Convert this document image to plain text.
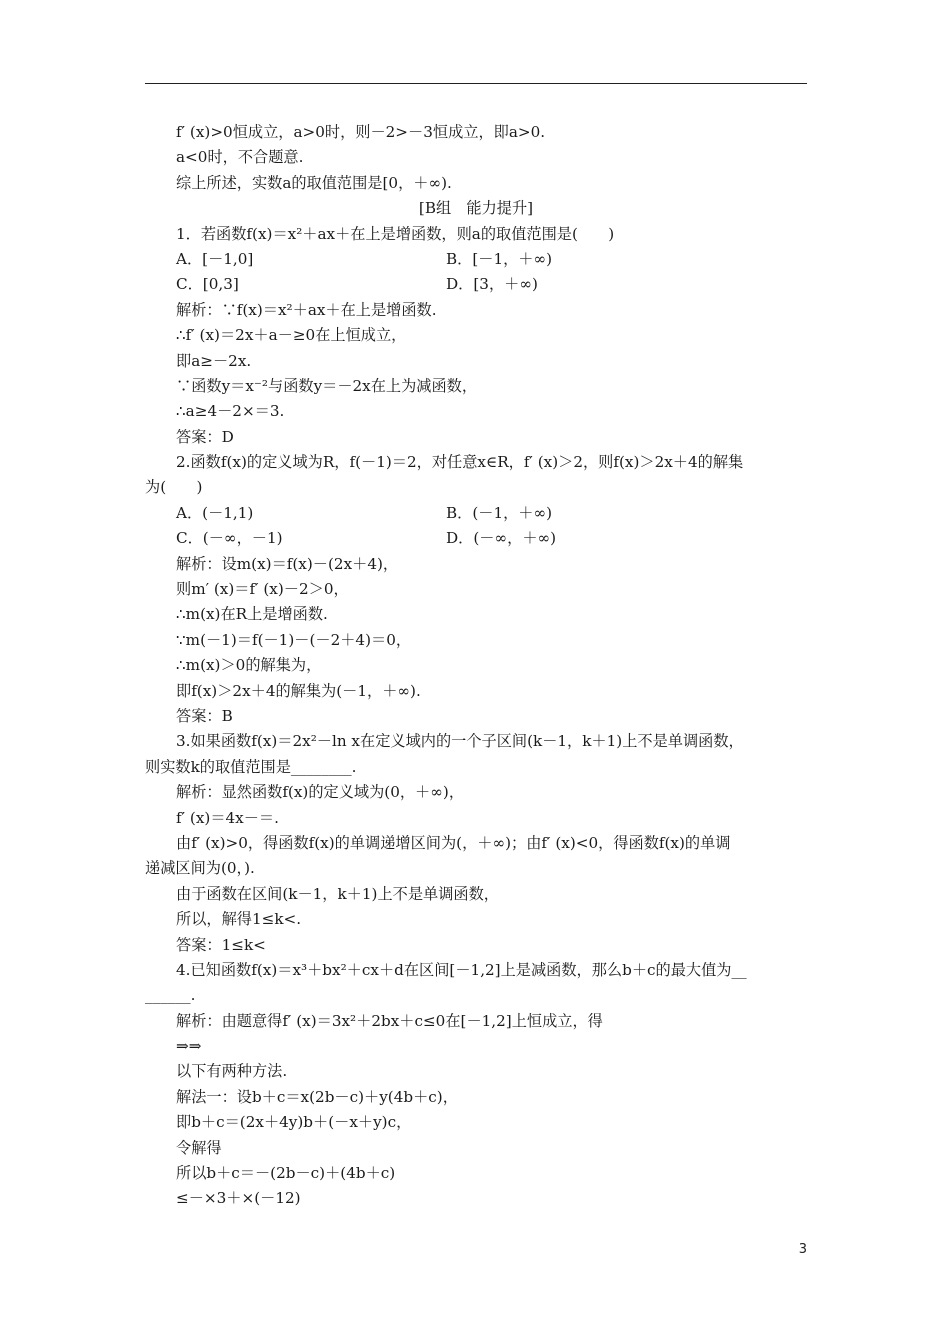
f′ (x)>0恒成立，a>0时，则－2>－3恒成立，即a>0.
a<0时，不合题意.
综上所述，实数a的取值范围是[0，＋∞).
[B组　能力提升]
1．若函数f(x)＝x²＋ax＋在上是增函数，则a的取值范围是(　　)
A．[－1,0]	B．[－1，＋∞)
C．[0,3]	D．[3，＋∞)
解析：∵f(x)＝x²＋ax＋在上是增函数.
∴f′ (x)＝2x＋a－≥0在上恒成立，
即a≥－2x.
∵函数y＝x⁻²与函数y＝－2x在上为减函数，
∴a≥4－2×＝3.
答案：D
2.函数f(x)的定义域为R，f(－1)＝2，对任意x∈R，f′ (x)＞2，则f(x)＞2x＋4的解集
为(　　)
A．(－1,1)	B．(－1，＋∞)
C．(－∞，－1)	D．(－∞，＋∞)
解析：设m(x)＝f(x)－(2x＋4)，
则m′ (x)＝f′ (x)－2＞0，
∴m(x)在R上是增函数.
∵m(－1)＝f(－1)－(－2＋4)＝0，
∴m(x)＞0的解集为，
即f(x)＞2x＋4的解集为(－1，＋∞).
答案：B
3.如果函数f(x)＝2x²－ln x在定义域内的一个子区间(k－1，k＋1)上不是单调函数，
则实数k的取值范围是________.
解析：显然函数f(x)的定义域为(0，＋∞)，
f′ (x)＝4x－＝.
由f′ (x)>0，得函数f(x)的单调递增区间为(，＋∞)；由f′ (x)<0，得函数f(x)的单调
递减区间为(0，).
由于函数在区间(k－1，k＋1)上不是单调函数，
所以，解得1≤k<.
答案：1≤k<
4.已知函数f(x)＝x³＋bx²＋cx＋d在区间[－1,2]上是减函数，那么b＋c的最大值为__
______.
解析：由题意得f′ (x)＝3x²＋2bx＋c≤0在[－1,2]上恒成立，得
⇒⇒
以下有两种方法.
解法一：设b＋c＝x(2b－c)＋y(4b＋c)，
即b＋c＝(2x＋4y)b＋(－x＋y)c，
令解得
所以b＋c＝－(2b－c)＋(4b＋c)
≤－×3＋×(－12)
3
